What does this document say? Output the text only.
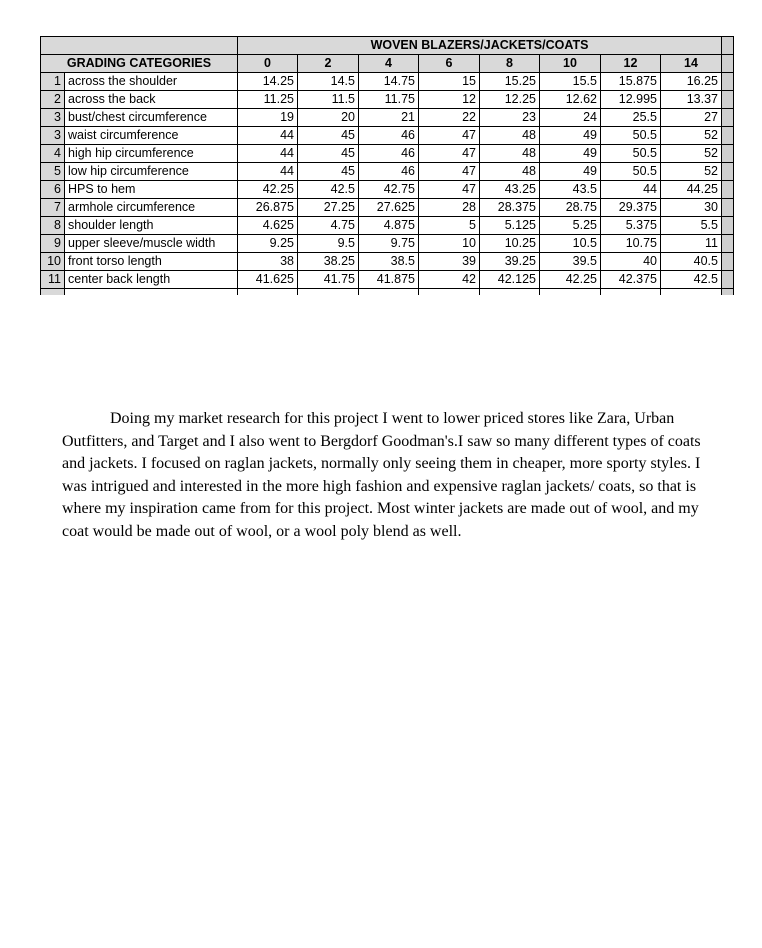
		WOVEN BLAZERS/JACKETS/COATS								
GRADING CATEGORIES		0	2	4	6	8	10	12	14	
1	across the shoulder	14.25	14.5	14.75	15	15.25	15.5	15.875	16.25	
2	across the back	11.25	11.5	11.75	12	12.25	12.62	12.995	13.37	
3	bust/chest circumference	19	20	21	22	23	24	25.5	27	
3	waist circumference	44	45	46	47	48	49	50.5	52	
4	high hip circumference	44	45	46	47	48	49	50.5	52	
5	low hip circumference	44	45	46	47	48	49	50.5	52	
6	HPS to hem	42.25	42.5	42.75	47	43.25	43.5	44	44.25	
7	armhole circumference	26.875	27.25	27.625	28	28.375	28.75	29.375	30	
8	shoulder length	4.625	4.75	4.875	5	5.125	5.25	5.375	5.5	
9	upper sleeve/muscle width	9.25	9.5	9.75	10	10.25	10.5	10.75	11	
10	front torso length	38	38.25	38.5	39	39.25	39.5	40	40.5	
11	center back length	41.625	41.75	41.875	42	42.125	42.25	42.375	42.5	

Doing my market research for this project I went to lower priced stores like Zara, Urban Outfitters, and Target and I also went to Bergdorf Goodman's.I saw so many different types of coats and jackets. I focused on raglan jackets, normally only seeing them in cheaper, more sporty styles. I was intrigued and interested in the more high fashion and expensive raglan jackets/ coats, so that is where my inspiration came from for this project. Most winter jackets are made out of wool, and my coat would be made out of wool, or a wool poly blend as well.
